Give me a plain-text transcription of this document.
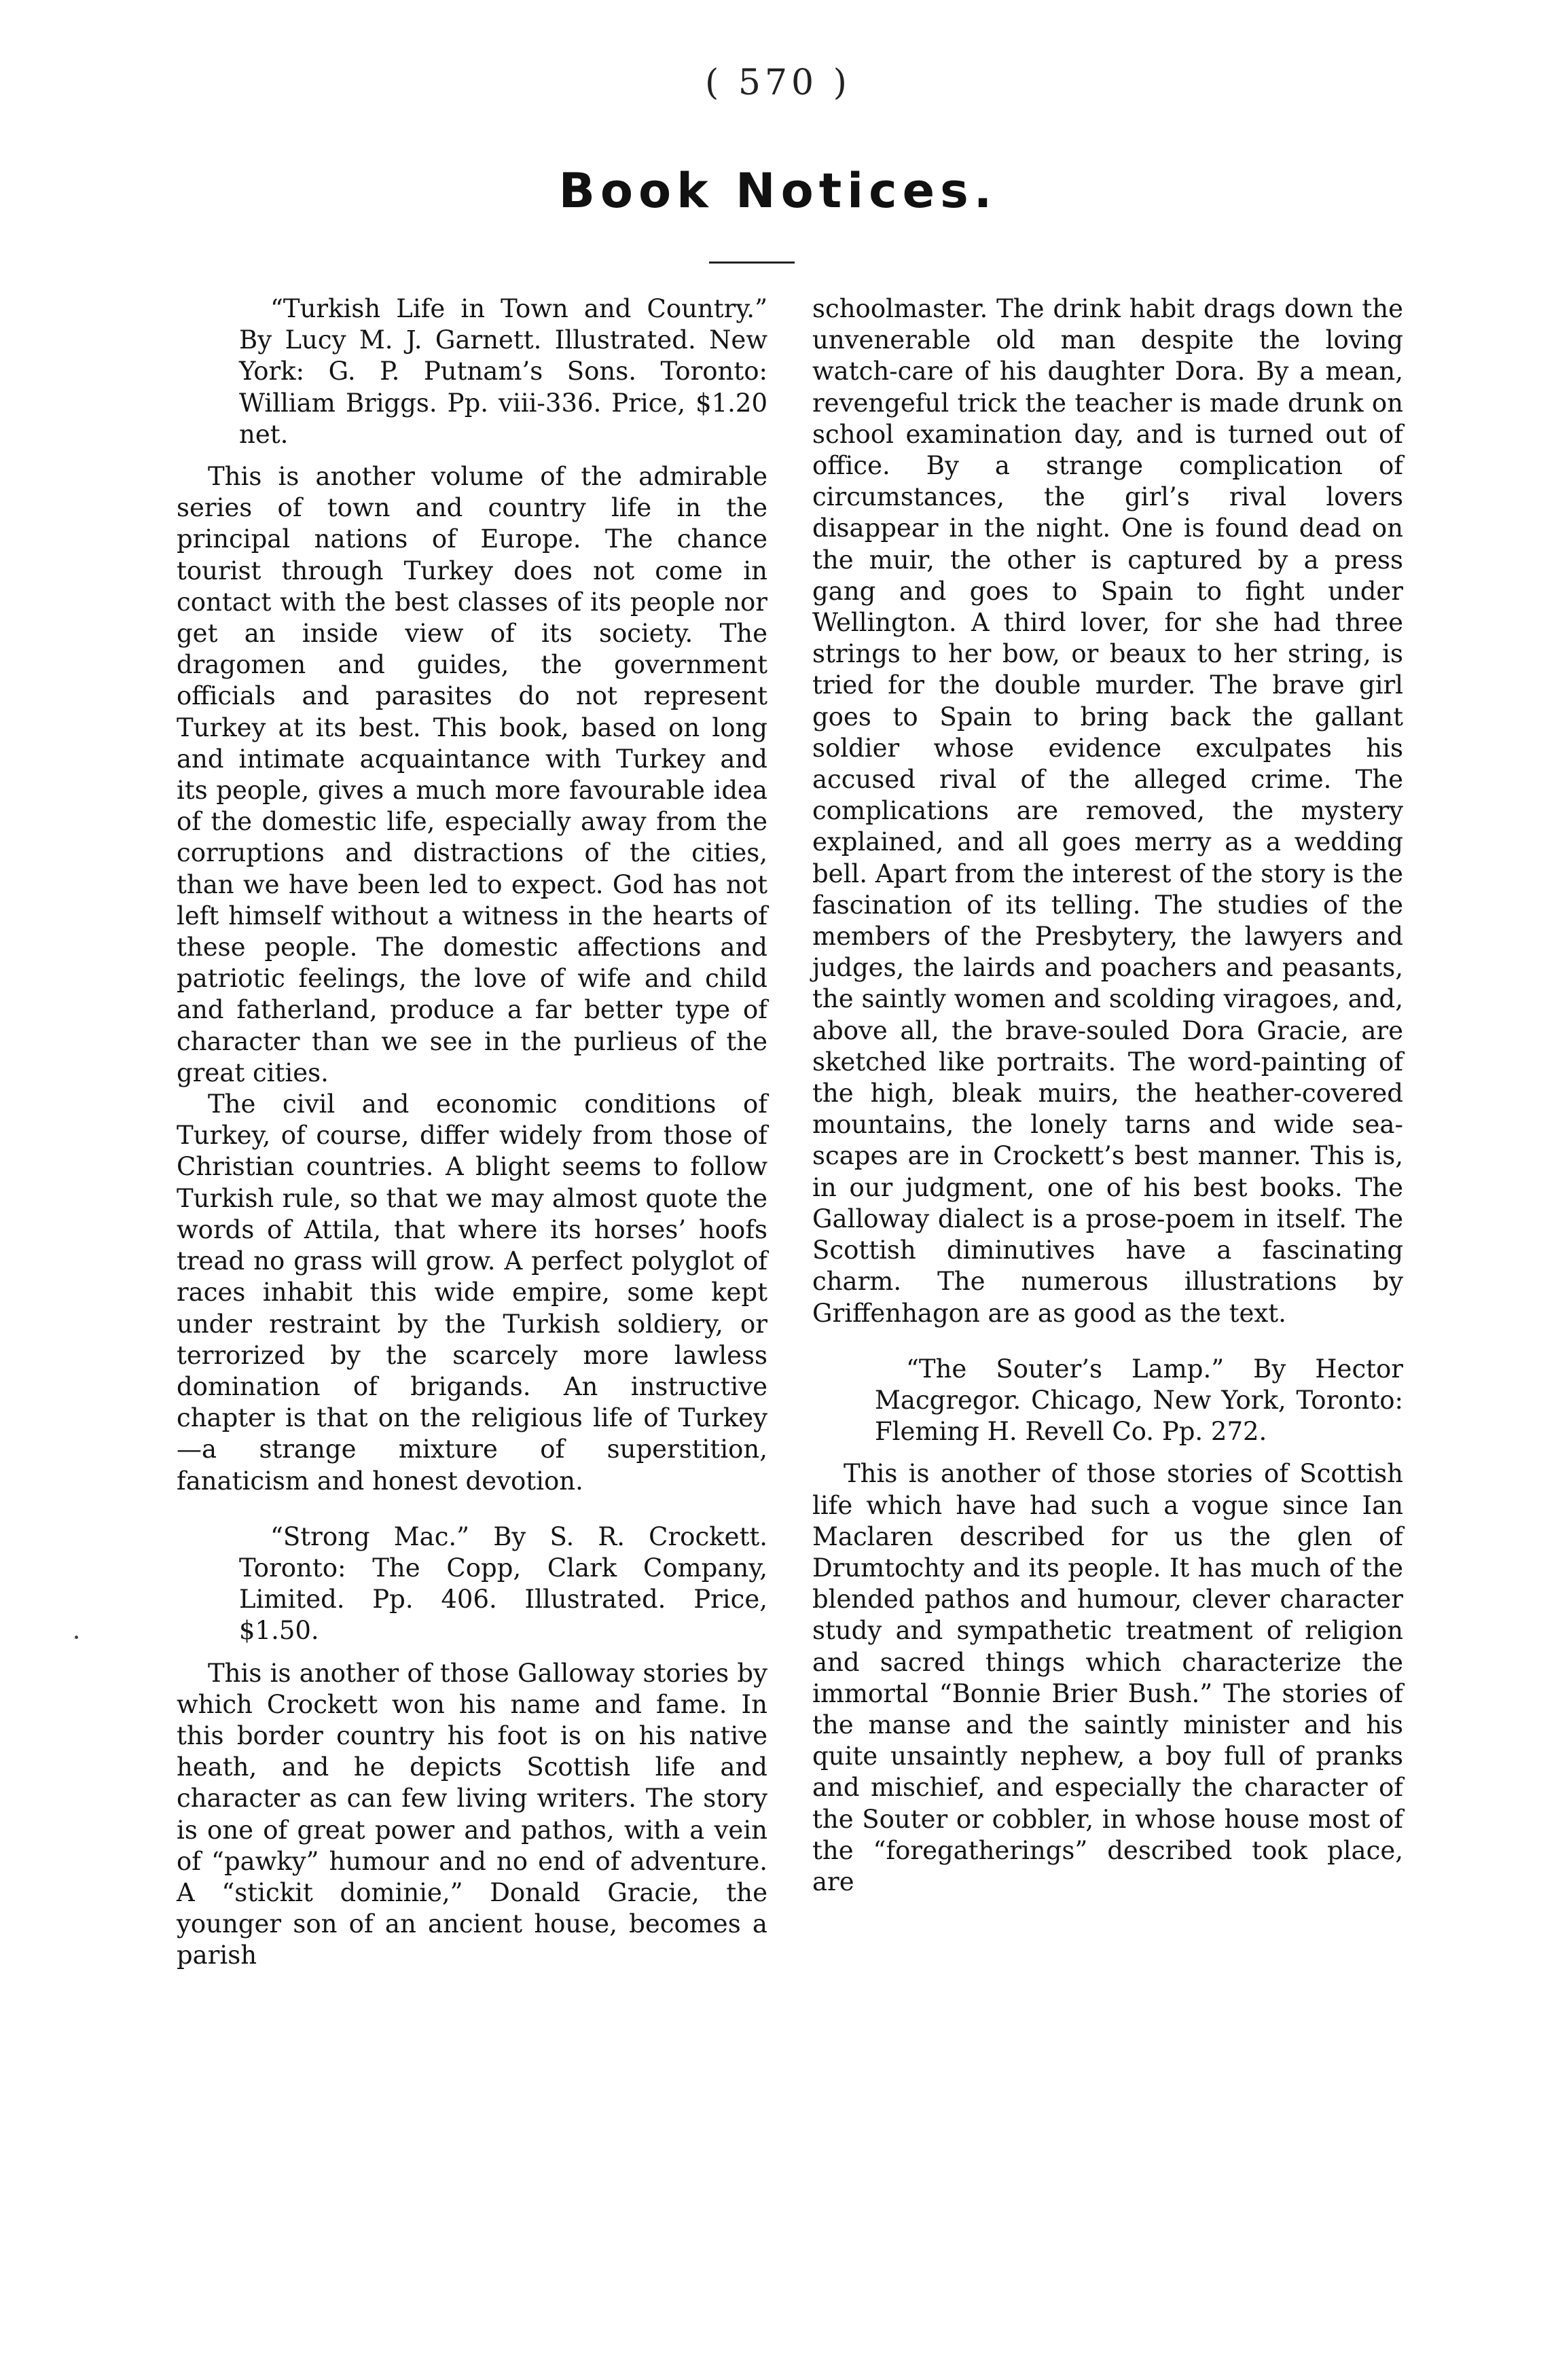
( 570 )
Book Notices.

“Turkish Life in Town and Country.” By Lucy M. J. Garnett. Illustrated. New York: G. P. Putnam’s Sons. Toronto: William Briggs. Pp. viii-336. Price, $1.20 net.

This is another volume of the admirable series of town and country life in the principal nations of Europe. The chance tourist through Turkey does not come in contact with the best classes of its people nor get an inside view of its society. The dragomen and guides, the government officials and parasites do not represent Turkey at its best. This book, based on long and intimate acquaintance with Turkey and its people, gives a much more favourable idea of the domestic life, especially away from the corruptions and distractions of the cities, than we have been led to expect. God has not left himself without a witness in the hearts of these people. The domestic affections and patriotic feelings, the love of wife and child and fatherland, produce a far better type of character than we see in the purlieus of the great cities.

The civil and economic conditions of Turkey, of course, differ widely from those of Christian countries. A blight seems to follow Turkish rule, so that we may almost quote the words of Attila, that where its horses’ hoofs tread no grass will grow. A perfect polyglot of races inhabit this wide empire, some kept under restraint by the Turkish soldiery, or terrorized by the scarcely more lawless domination of brigands. An instructive chapter is that on the religious life of Turkey —a strange mixture of superstition, fanaticism and honest devotion.

“Strong Mac.” By S. R. Crockett. Toronto: The Copp, Clark Company, Limited. Pp. 406. Illustrated. Price, $1.50.

This is another of those Galloway stories by which Crockett won his name and fame. In this border country his foot is on his native heath, and he depicts Scottish life and character as can few living writers. The story is one of great power and pathos, with a vein of “pawky” humour and no end of adventure. A “stickit dominie,” Donald Gracie, the younger son of an ancient house, becomes a parish

schoolmaster. The drink habit drags down the unvenerable old man despite the loving watch-care of his daughter Dora. By a mean, revengeful trick the teacher is made drunk on school examination day, and is turned out of office. By a strange complication of circumstances, the girl’s rival lovers disappear in the night. One is found dead on the muir, the other is captured by a press gang and goes to Spain to fight under Wellington. A third lover, for she had three strings to her bow, or beaux to her string, is tried for the double murder. The brave girl goes to Spain to bring back the gallant soldier whose evidence exculpates his accused rival of the alleged crime. The complications are removed, the mystery explained, and all goes merry as a wedding bell. Apart from the interest of the story is the fascination of its telling. The studies of the members of the Presbytery, the lawyers and judges, the lairds and poachers and peasants, the saintly women and scolding viragoes, and, above all, the brave-souled Dora Gracie, are sketched like portraits. The word-painting of the high, bleak muirs, the heather-covered mountains, the lonely tarns and wide sea-scapes are in Crockett’s best manner. This is, in our judgment, one of his best books. The Galloway dialect is a prose-poem in itself. The Scottish diminutives have a fascinating charm. The numerous illustrations by Griffenhagon are as good as the text.

“The Souter’s Lamp.” By Hector Macgregor. Chicago, New York, Toronto: Fleming H. Revell Co. Pp. 272.

This is another of those stories of Scottish life which have had such a vogue since Ian Maclaren described for us the glen of Drumtochty and its people. It has much of the blended pathos and humour, clever character study and sympathetic treatment of religion and sacred things which characterize the immortal “Bonnie Brier Bush.” The stories of the manse and the saintly minister and his quite unsaintly nephew, a boy full of pranks and mischief, and especially the character of the Souter or cobbler, in whose house most of the “foregatherings” described took place, are
